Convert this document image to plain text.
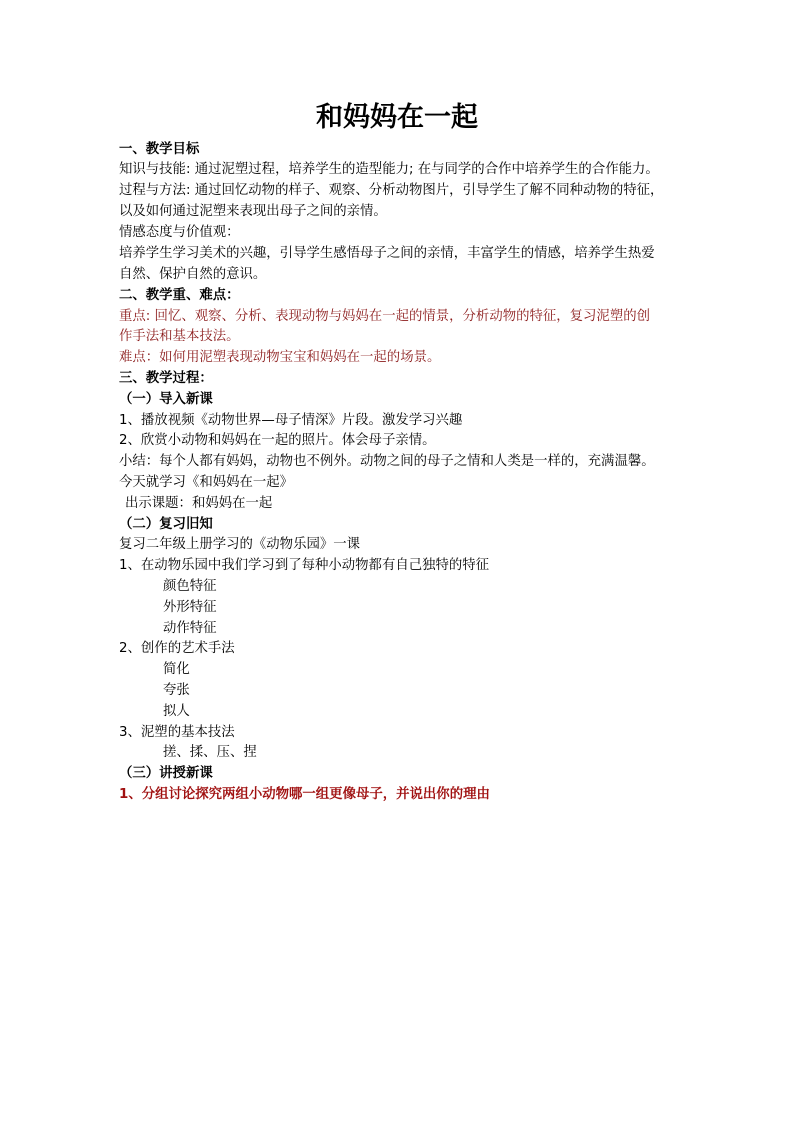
和妈妈在一起
一、教学目标
知识与技能: 通过泥塑过程，培养学生的造型能力; 在与同学的合作中培养学生的合作能力。
过程与方法: 通过回忆动物的样子、观察、分析动物图片，引导学生了解不同种动物的特征，
以及如何通过泥塑来表现出母子之间的亲情。
情感态度与价值观：
培养学生学习美术的兴趣，引导学生感悟母子之间的亲情，丰富学生的情感，培养学生热爱
自然、保护自然的意识。
二、教学重、难点：
重点: 回忆、观察、分析、表现动物与妈妈在一起的情景，分析动物的特征，复习泥塑的创
作手法和基本技法。
难点：如何用泥塑表现动物宝宝和妈妈在一起的场景。
三、教学过程：
（一）导入新课
1、播放视频《动物世界—母子情深》片段。激发学习兴趣
2、欣赏小动物和妈妈在一起的照片。体会母子亲情。
小结：每个人都有妈妈，动物也不例外。动物之间的母子之情和人类是一样的，充满温馨。
今天就学习《和妈妈在一起》
出示课题：和妈妈在一起
（二）复习旧知
复习二年级上册学习的《动物乐园》一课
1、在动物乐园中我们学习到了每种小动物都有自己独特的特征
颜色特征
外形特征
动作特征
2、创作的艺术手法
简化
夸张
拟人
3、泥塑的基本技法
搓、揉、压、捏
（三）讲授新课
1、分组讨论探究两组小动物哪一组更像母子，并说出你的理由
